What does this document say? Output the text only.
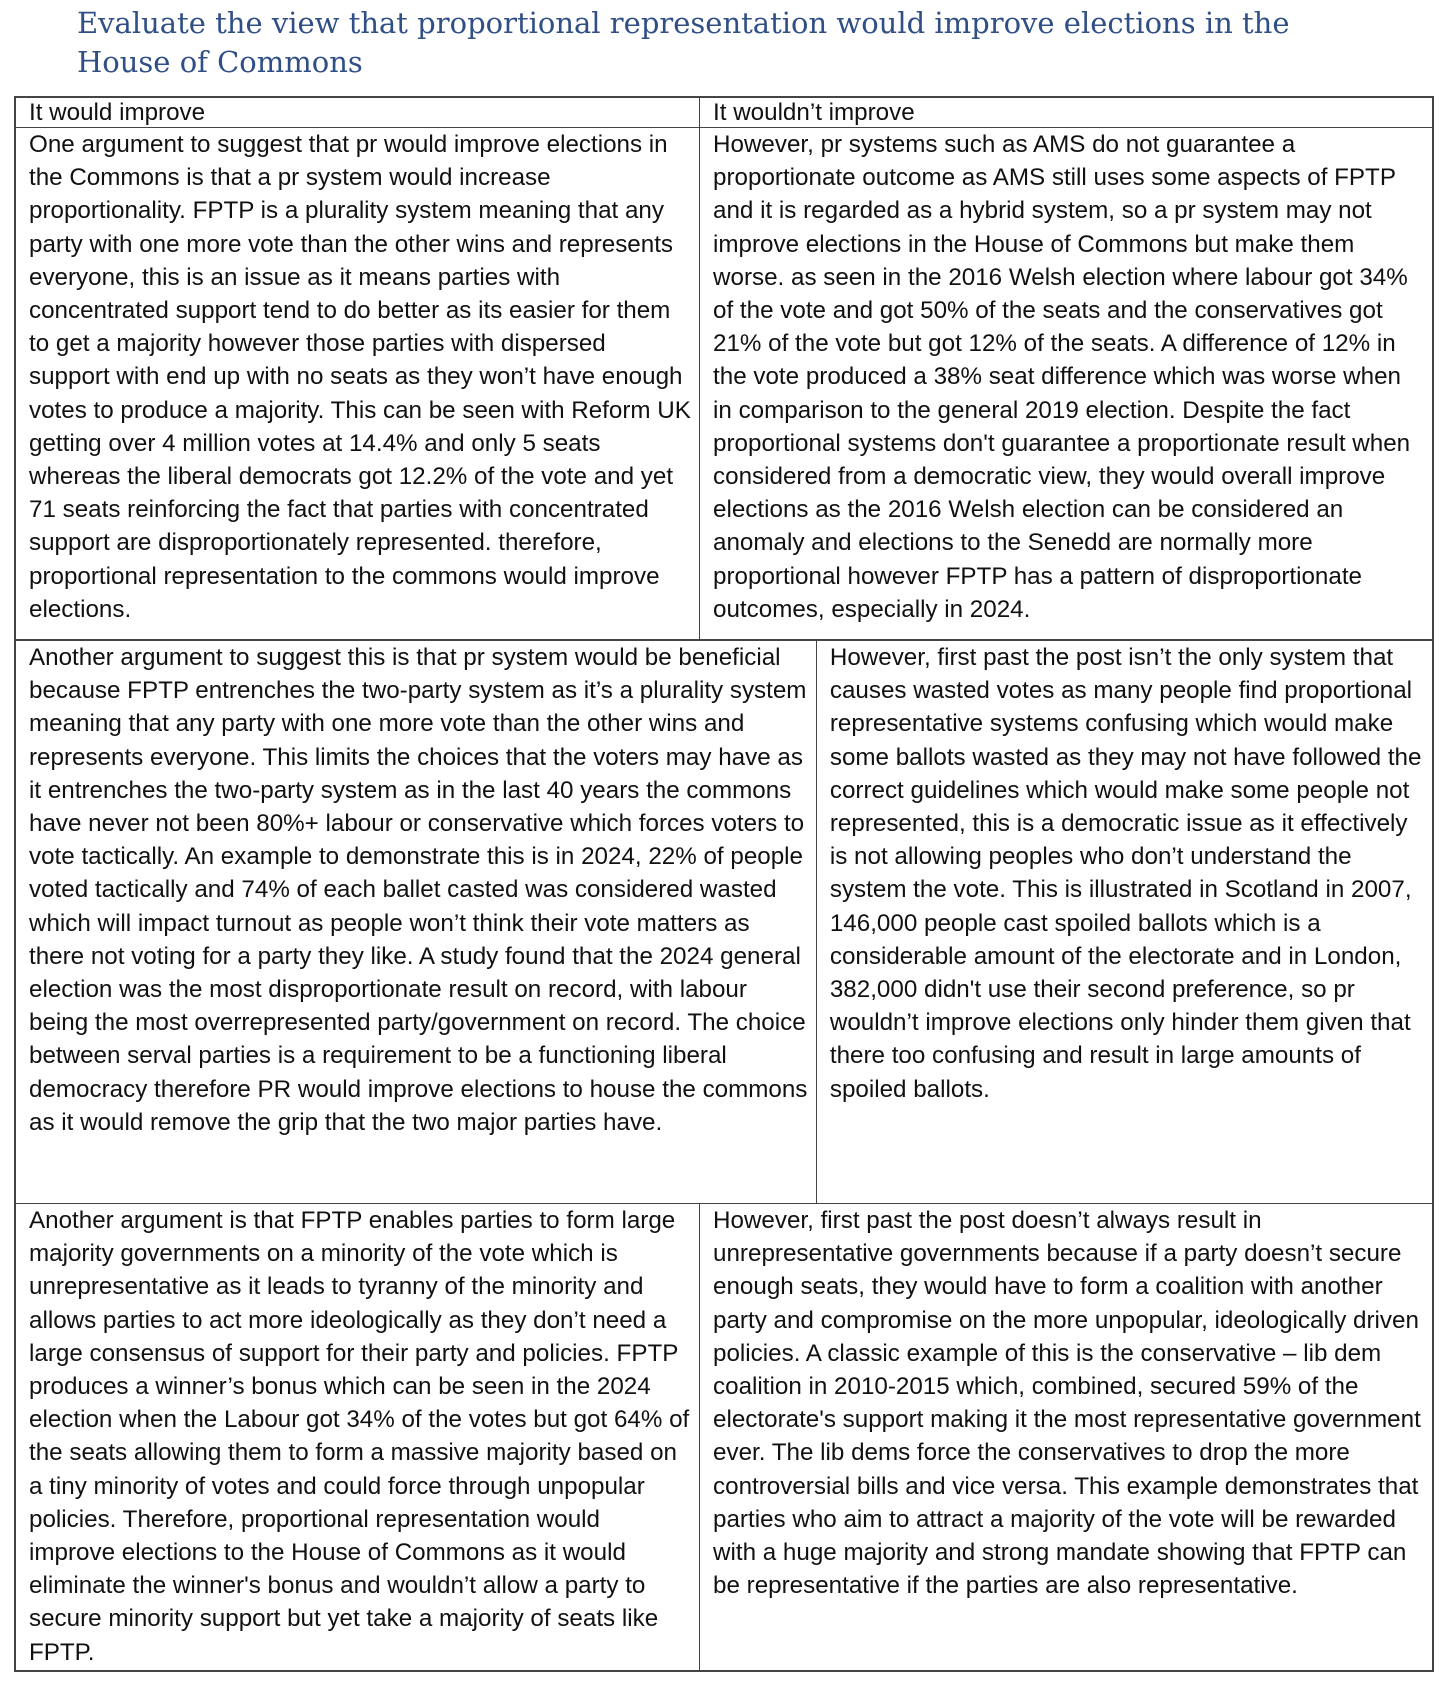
Evaluate the view that proportional representation would improve elections in the House of Commons
It would improve	It wouldn’t improve
One argument to suggest that pr would improve elections in the Commons is that a pr system would increase proportionality. FPTP is a plurality system meaning that any party with one more vote than the other wins and represents everyone, this is an issue as it means parties with concentrated support tend to do better as its easier for them to get a majority however those parties with dispersed support with end up with no seats as they won’t have enough votes to produce a majority. This can be seen with Reform UK getting over 4 million votes at 14.4% and only 5 seats whereas the liberal democrats got 12.2% of the vote and yet 71 seats reinforcing the fact that parties with concentrated support are disproportionately represented. therefore, proportional representation to the commons would improve elections.
However, pr systems such as AMS do not guarantee a proportionate outcome as AMS still uses some aspects of FPTP and it is regarded as a hybrid system, so a pr system may not improve elections in the House of Commons but make them worse. as seen in the 2016 Welsh election where labour got 34% of the vote and got 50% of the seats and the conservatives got 21% of the vote but got 12% of the seats. A difference of 12% in the vote produced a 38% seat difference which was worse when in comparison to the general 2019 election. Despite the fact proportional systems don't guarantee a proportionate result when considered from a democratic view, they would overall improve elections as the 2016 Welsh election can be considered an anomaly and elections to the Senedd are normally more proportional however FPTP has a pattern of disproportionate outcomes, especially in 2024.
Another argument to suggest this is that pr system would be beneficial because FPTP entrenches the two-party system as it’s a plurality system meaning that any party with one more vote than the other wins and represents everyone. This limits the choices that the voters may have as it entrenches the two-party system as in the last 40 years the commons have never not been 80%+ labour or conservative which forces voters to vote tactically. An example to demonstrate this is in 2024, 22% of people voted tactically and 74% of each ballet casted was considered wasted which will impact turnout as people won’t think their vote matters as there not voting for a party they like. A study found that the 2024 general election was the most disproportionate result on record, with labour being the most overrepresented party/government on record. The choice between serval parties is a requirement to be a functioning liberal democracy therefore PR would improve elections to house the commons as it would remove the grip that the two major parties have.
However, first past the post isn’t the only system that causes wasted votes as many people find proportional representative systems confusing which would make some ballots wasted as they may not have followed the correct guidelines which would make some people not represented, this is a democratic issue as it effectively is not allowing peoples who don’t understand the system the vote. This is illustrated in Scotland in 2007, 146,000 people cast spoiled ballots which is a considerable amount of the electorate and in London, 382,000 didn't use their second preference, so pr wouldn’t improve elections only hinder them given that there too confusing and result in large amounts of spoiled ballots.
Another argument is that FPTP enables parties to form large majority governments on a minority of the vote which is unrepresentative as it leads to tyranny of the minority and allows parties to act more ideologically as they don’t need a large consensus of support for their party and policies. FPTP produces a winner’s bonus which can be seen in the 2024 election when the Labour got 34% of the votes but got 64% of the seats allowing them to form a massive majority based on a tiny minority of votes and could force through unpopular policies. Therefore, proportional representation would improve elections to the House of Commons as it would eliminate the winner's bonus and wouldn’t allow a party to secure minority support but yet take a majority of seats like FPTP.
However, first past the post doesn’t always result in unrepresentative governments because if a party doesn’t secure enough seats, they would have to form a coalition with another party and compromise on the more unpopular, ideologically driven policies. A classic example of this is the conservative – lib dem coalition in 2010-2015 which, combined, secured 59% of the electorate's support making it the most representative government ever. The lib dems force the conservatives to drop the more controversial bills and vice versa. This example demonstrates that parties who aim to attract a majority of the vote will be rewarded with a huge majority and strong mandate showing that FPTP can be representative if the parties are also representative.
